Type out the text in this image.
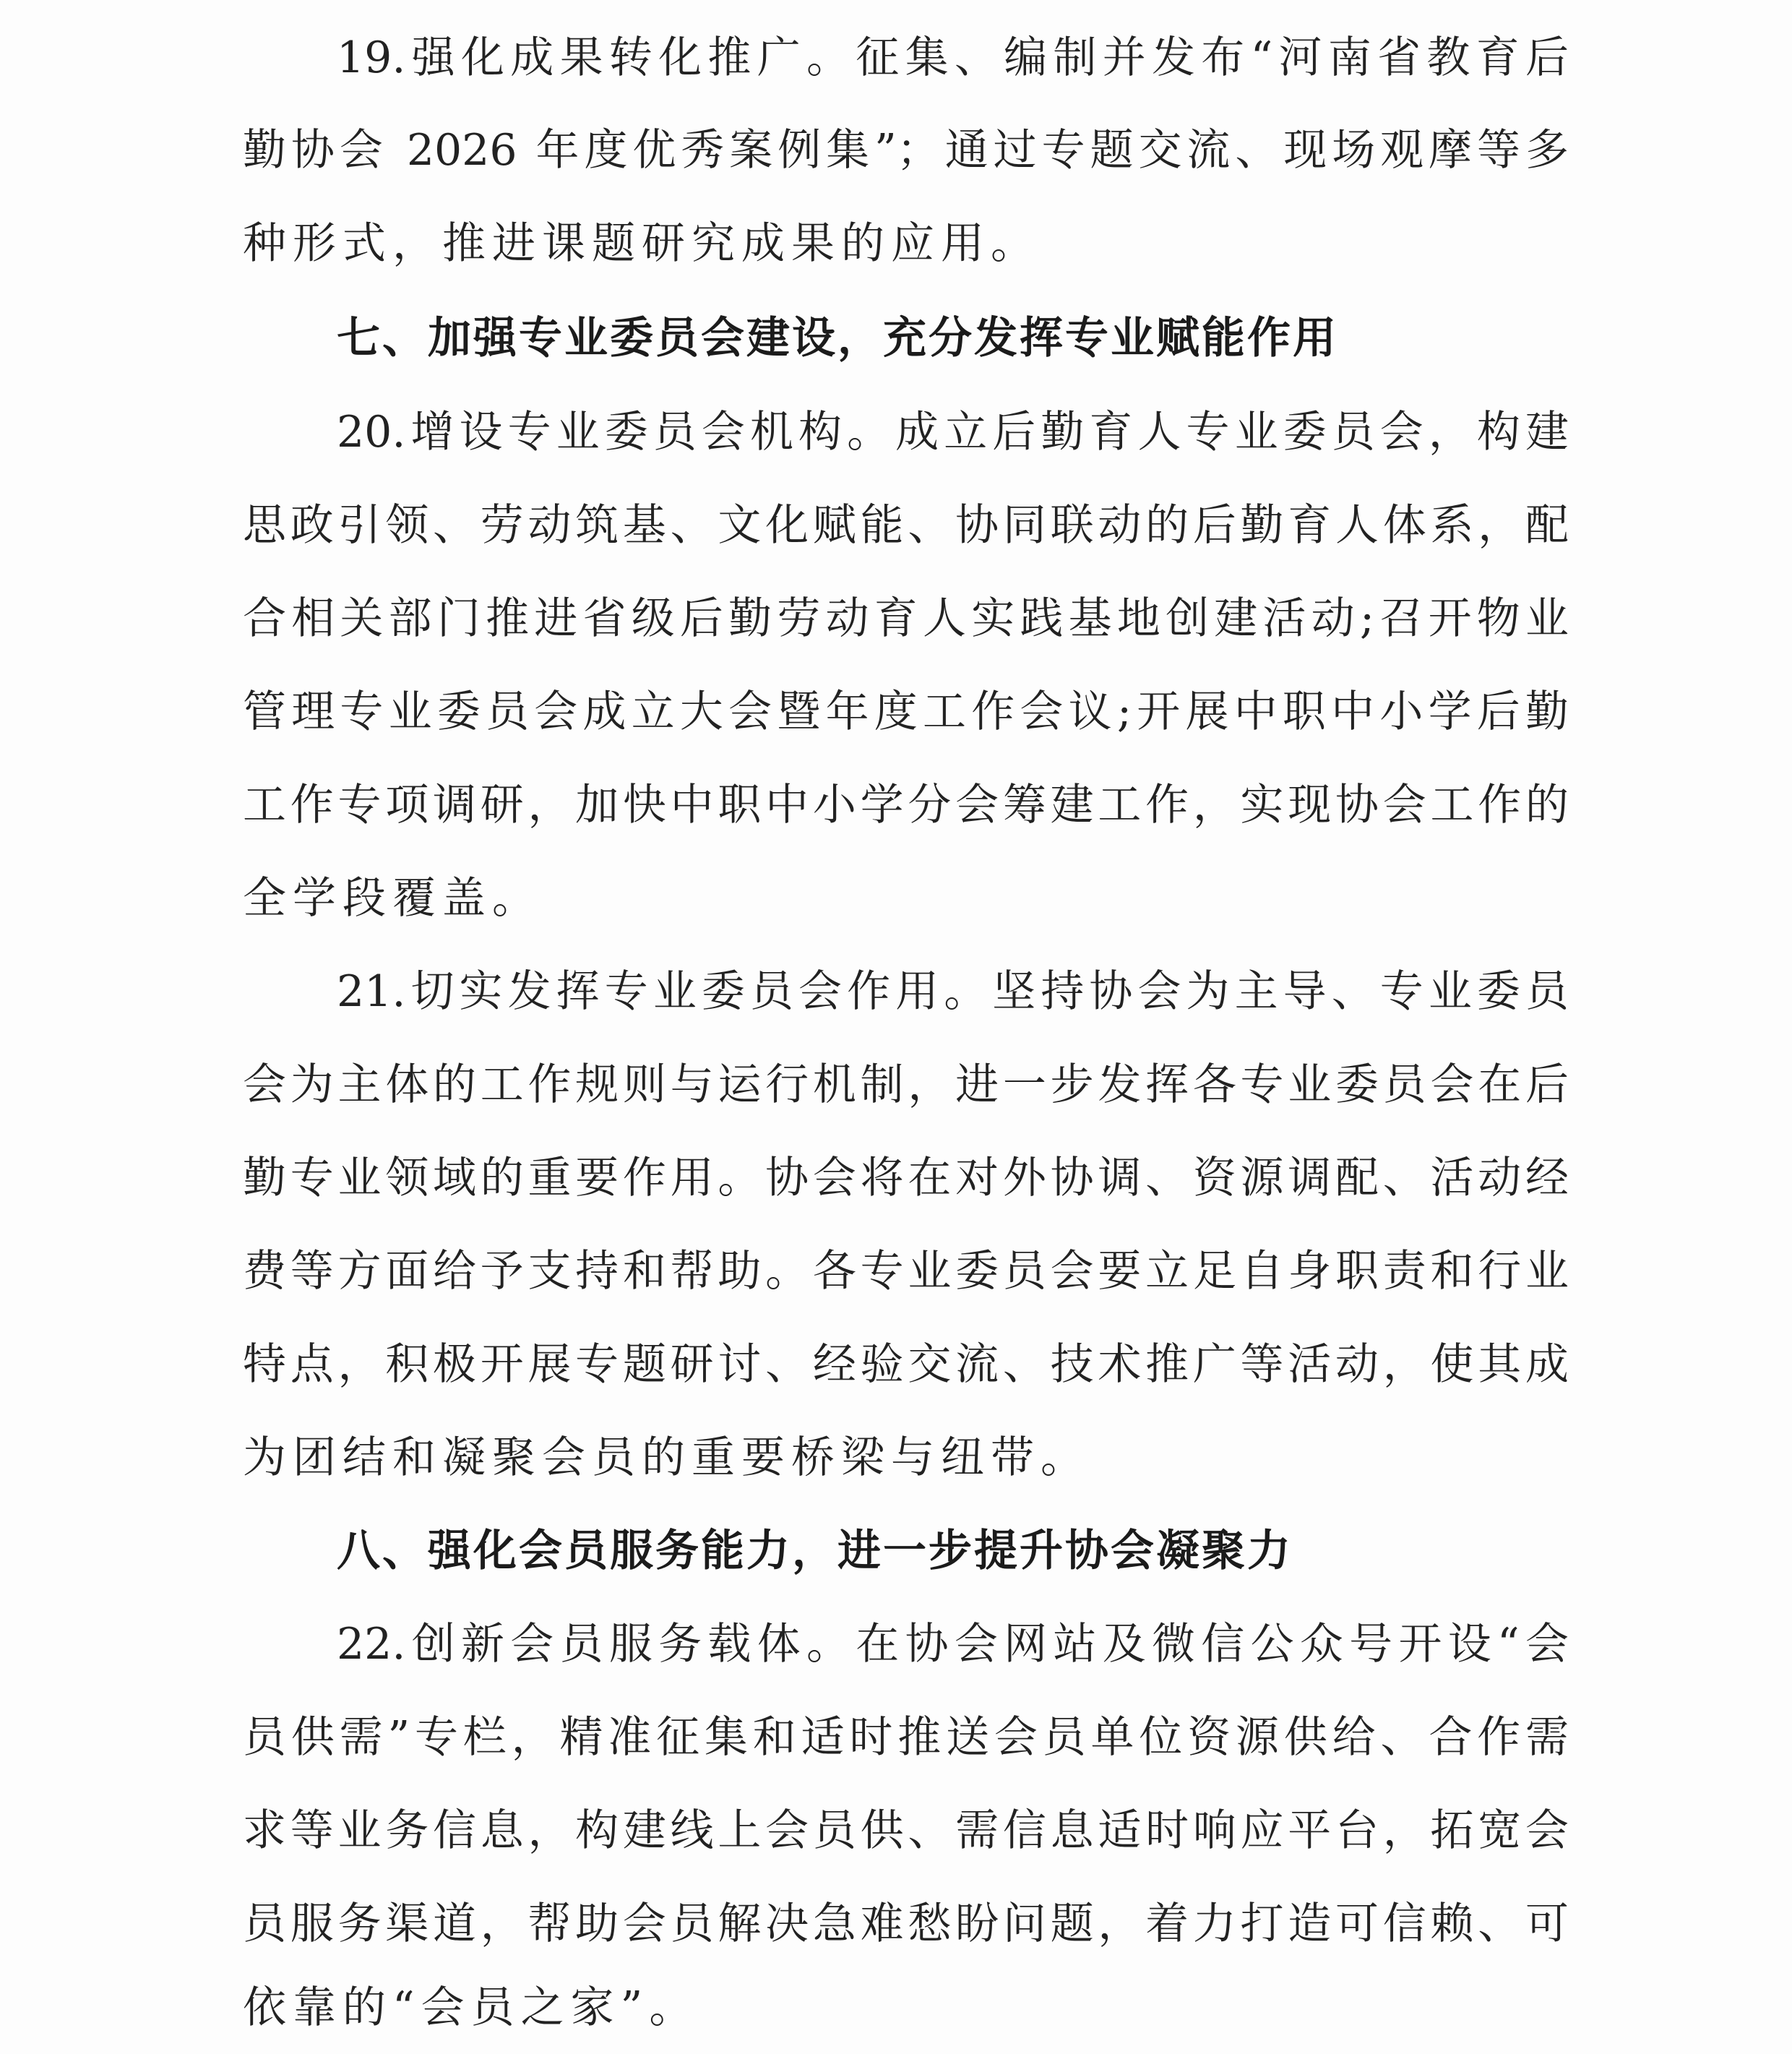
19.强化成果转化推广。征集、编制并发布“河南省教育后
勤协会 2026 年度优秀案例集”；通过专题交流、现场观摩等多
种形式，推进课题研究成果的应用。
七、加强专业委员会建设，充分发挥专业赋能作用
20.增设专业委员会机构。成立后勤育人专业委员会，构建
思政引领、劳动筑基、文化赋能、协同联动的后勤育人体系，配
合相关部门推进省级后勤劳动育人实践基地创建活动;召开物业
管理专业委员会成立大会暨年度工作会议;开展中职中小学后勤
工作专项调研，加快中职中小学分会筹建工作，实现协会工作的
全学段覆盖。
21.切实发挥专业委员会作用。坚持协会为主导、专业委员
会为主体的工作规则与运行机制，进一步发挥各专业委员会在后
勤专业领域的重要作用。协会将在对外协调、资源调配、活动经
费等方面给予支持和帮助。各专业委员会要立足自身职责和行业
特点，积极开展专题研讨、经验交流、技术推广等活动，使其成
为团结和凝聚会员的重要桥梁与纽带。
八、强化会员服务能力，进一步提升协会凝聚力
22.创新会员服务载体。在协会网站及微信公众号开设“会
员供需”专栏，精准征集和适时推送会员单位资源供给、合作需
求等业务信息，构建线上会员供、需信息适时响应平台，拓宽会
员服务渠道，帮助会员解决急难愁盼问题，着力打造可信赖、可
依靠的“会员之家”。
